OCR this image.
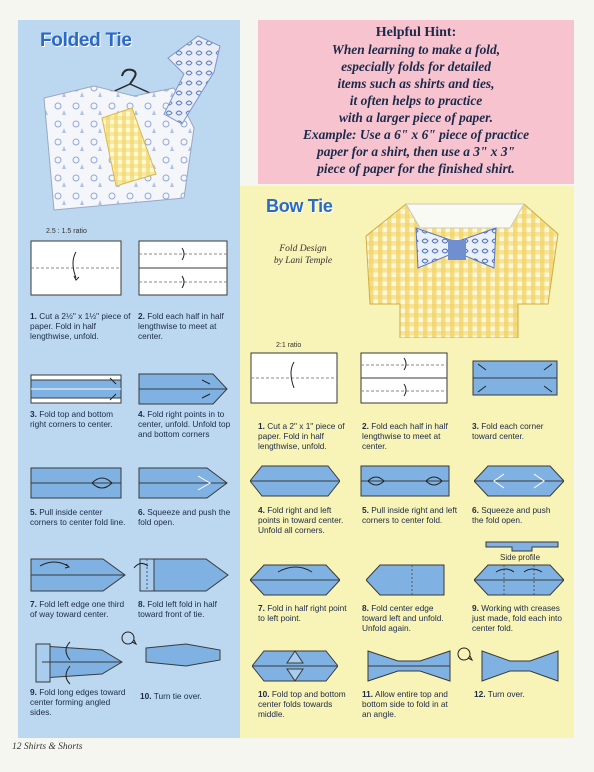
Helpful Hint:
When learning to make a fold,
especially folds for detailed
items such as shirts and ties,
it often helps to practice
with a larger piece of paper.
Example: Use a 6" x 6" piece of practice
paper for a shirt, then use a 3" x 3"
piece of paper for the finished shirt.
Folded Tie
Bow Tie
Fold Design
by Lani Temple
2.5 : 1.5 ratio
2:1 ratio
1. Cut a 2½" x 1½" piece of paper. Fold in half lengthwise, unfold.
2. Fold each half in half lengthwise to meet at center.
3. Fold top and bottom right corners to center.
4. Fold right points in to center, unfold. Unfold top and bottom corners
5. Pull inside center corners to center fold line.
6. Squeeze and push the fold open.
7. Fold left edge one third of way toward center.
8. Fold left fold in half toward front of tie.
9. Fold long edges toward center forming angled sides.
10. Turn tie over.
1. Cut a 2" x 1" piece of paper. Fold in half lengthwise, unfold.
2. Fold each half in half lengthwise to meet at center.
3. Fold each corner toward center.
4. Fold right and left points in toward center. Unfold all corners.
5. Pull inside right and left corners to center fold.
6. Squeeze and push the fold open.
Side profile
7. Fold in half right point to left point.
8. Fold center edge toward left and unfold. Unfold again.
9. Working with creases just made, fold each into center fold.
10. Fold top and bottom center folds towards middle.
11. Allow entire top and bottom side to fold in at an angle.
12. Turn over.
12 Shirts & Shorts
